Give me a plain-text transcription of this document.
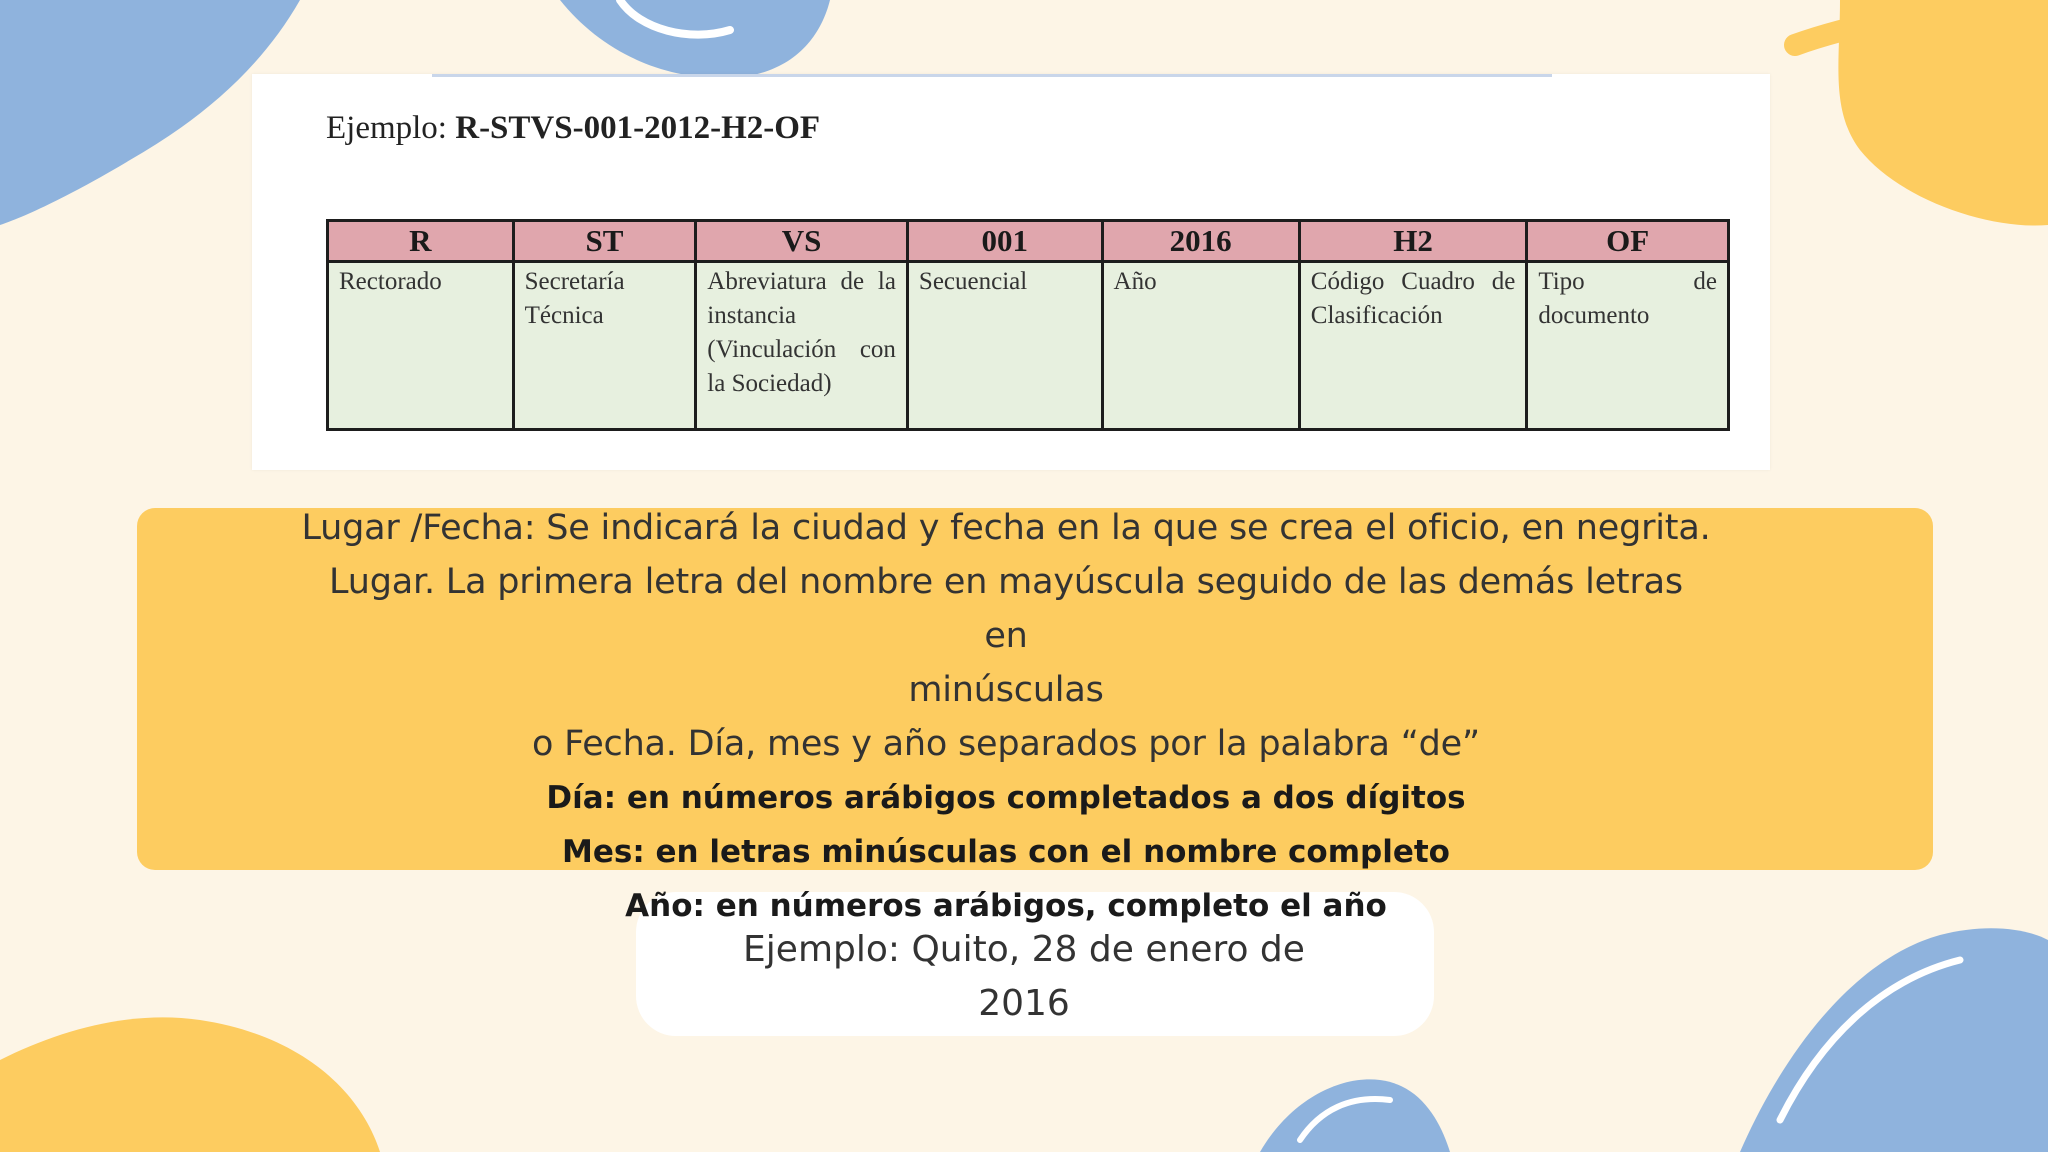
Ejemplo: R-STVS-001-2012-H2-OF
R	ST	VS	001	2016	H2	OF
Rectorado	Secretaría Técnica	Abreviatura de la instancia (Vinculación con la Sociedad)	Secuencial	Año	Código Cuadro de Clasificación	Tipo de documento
Lugar /Fecha: Se indicará la ciudad y fecha en la que se crea el oficio, en negrita.
Lugar. La primera letra del nombre en mayúscula seguido de las demás letras
en
minúsculas
o Fecha. Día, mes y año separados por la palabra “de”
Día: en números arábigos completados a dos dígitos
Mes: en letras minúsculas con el nombre completo
Año: en números arábigos, completo el año
Ejemplo: Quito, 28 de enero de
2016
